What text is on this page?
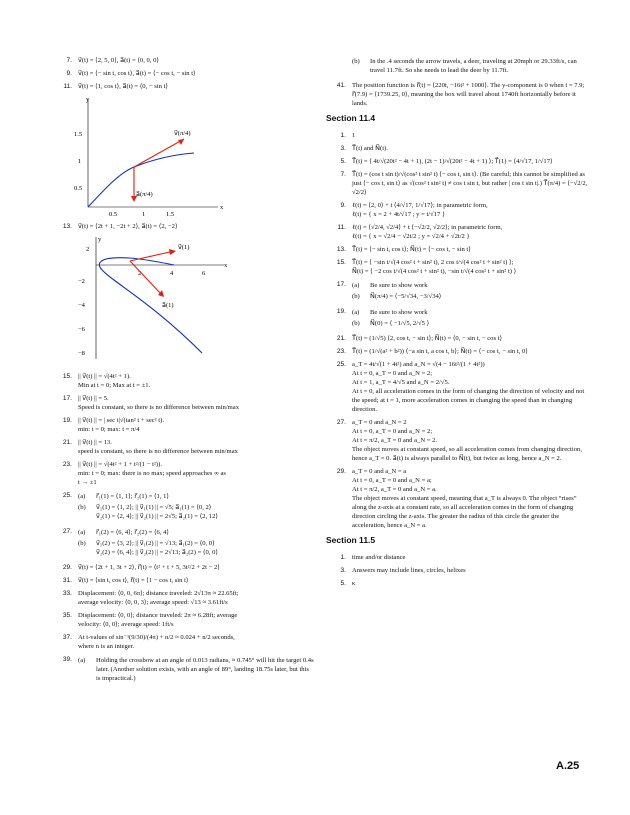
7. v⃗(t) = ⟨2, 5, 0⟩, a⃗(t) = ⟨0, 0, 0⟩
9. v⃗(t) = ⟨− sin t, cos t⟩, a⃗(t) = ⟨− cos t, − sin t⟩
11. v⃗(t) = ⟨1, cos t⟩, a⃗(t) = ⟨0, − sin t⟩
x
y
1.5
1
0.5
0.5	1	1.5
v⃗(π/4)
a⃗(π/4)
13. v⃗(t) = ⟨2t + 1, −2t + 2⟩, a⃗(t) = ⟨2, −2⟩
x
y
2
−2
−4
−6
−8
2	4	6
v⃗(1)
a⃗(1)
15. || v⃗(t) || = √(4t² + 1).
Min at t = 0; Max at t = ±1.
17. || v⃗(t) || = 5.
Speed is constant, so there is no difference between min/max
19. || v⃗(t) || = | sec t|√(tan² t + sec² t).
min: t = 0; max: t = π/4
21. || v⃗(t) || = 13.
speed is constant, so there is no difference between min/max
23. || v⃗(t) || = √(4t² + 1 + t²/(1 − t²)).
min: t = 0; max: there is no max; speed approaches ∞ as
t → ±1
25. (a)	r⃗₁(1) = ⟨1, 1⟩; r⃗₂(1) = ⟨1, 1⟩
(b)	v⃗₁(1) = ⟨1, 2⟩; || v⃗₁(1) || = √5; a⃗₁(1) = ⟨0, 2⟩
v⃗₂(1) = ⟨2, 4⟩; || v⃗₂(1) || = 2√5; a⃗₂(1) = ⟨2, 12⟩
27. (a)	r⃗₁(2) = ⟨6, 4⟩; r⃗₂(2) = ⟨6, 4⟩
(b)	v⃗₁(2) = ⟨3, 2⟩; || v⃗₁(2) || = √13; a⃗₁(2) = ⟨0, 0⟩
v⃗₂(2) = ⟨6, 4⟩; || v⃗₂(2) || = 2√13; a⃗₂(2) = ⟨0, 0⟩
29. v⃗(t) = ⟨2t + 1, 3t + 2⟩, r⃗(t) = ⟨t² + t + 5, 3t²/2 + 2t − 2⟩
31. v⃗(t) = ⟨sin t, cos t⟩, r⃗(t) = ⟨1 − cos t, sin t⟩
33. Displacement: ⟨0, 0, 6π⟩; distance traveled: 2√13π ≈ 22.65ft;
average velocity: ⟨0, 0, 3⟩; average speed: √13 ≈ 3.61ft/s
35. Displacement: ⟨0, 0⟩; distance traveled: 2π ≈ 6.28ft; average
velocity: ⟨0, 0⟩; average speed: 1ft/s
37. At t-values of sin⁻¹(9/30)/(4π) + n/2 ≈ 0.024 + n/2 seconds,
where n is an integer.
39. (a)	Holding the crossbow at an angle of 0.013 radians, ≈ 0.745° will hit the target 0.4s later. (Another solution exists, with an angle of 89°, landing 18.75s later, but this is impractical.)
(b)	In the .4 seconds the arrow travels, a deer, traveling at 20mph or 29.33ft/s, can travel 11.7ft. So she needs to lead the deer by 11.7ft.
41. The position function is r⃗(t) = ⟨220t, −16t² + 1000⟩. The y-component is 0 when t = 7.9; r⃗(7.9) = ⟨1739.25, 0⟩, meaning the box will travel about 1740ft horizontally before it lands.
Section 11.4
1. 1
3. T⃗(t) and N⃗(t).
5. T⃗(t) = ⟨ 4t/√(20t² − 4t + 1), (2t − 1)/√(20t² − 4t + 1) ⟩; T⃗(1) = ⟨4/√17, 1/√17⟩
7. T⃗(t) = (cos t sin t)/√(cos² t sin² t) ⟨− cos t, sin t⟩. (Be careful; this cannot be simplified as just ⟨− cos t, sin t⟩ as √(cos² t sin² t) ≠ cos t sin t, but rather | cos t sin t|.) T⃗(π/4) = ⟨−√2/2, √2/2⟩
9. ℓ(t) = ⟨2, 0⟩ + t ⟨4/√17, 1/√17⟩; in parametric form,
ℓ(t) = { x = 2 + 4t/√17 ; y = t/√17 }
11. ℓ(t) = ⟨√2/4, √2/4⟩ + t ⟨−√2/2, √2/2⟩; in parametric form,
ℓ(t) = { x = √2/4 − √2t/2 ; y = √2/4 + √2t/2 }
13. T⃗(t) = ⟨− sin t, cos t⟩; N⃗(t) = ⟨− cos t, − sin t⟩
15. T⃗(t) = ⟨ −sin t/√(4 cos² t + sin² t), 2 cos t/√(4 cos² t + sin² t) ⟩;
N⃗(t) = ⟨ −2 cos t/√(4 cos² t + sin² t), −sin t/√(4 cos² t + sin² t) ⟩
17. (a)	Be sure to show work
(b)	N⃗(π/4) = ⟨−5/√34, −3/√34⟩
19. (a)	Be sure to show work
(b)	N⃗(0) = ⟨ −1/√5, 2/√5 ⟩
21. T⃗(t) = (1/√5) ⟨2, cos t, − sin t⟩; N⃗(t) = ⟨0, − sin t, − cos t⟩
23. T⃗(t) = (1/√(a² + b²)) ⟨−a sin t, a cos t, b⟩; N⃗(t) = ⟨− cos t, − sin t, 0⟩
25. a_T = 4t/√(1 + 4t²) and a_N = √(4 − 16t²/(1 + 4t²))
At t = 0, a_T = 0 and a_N = 2;
At t = 1, a_T = 4/√5 and a_N = 2/√5.
At t = 0, all acceleration comes in the form of changing the direction of velocity and not the speed; at t = 1, more acceleration comes in changing the speed than in changing direction.
27. a_T = 0 and a_N = 2
At t = 0, a_T = 0 and a_N = 2;
At t = π/2, a_T = 0 and a_N = 2.
The object moves at constant speed, so all acceleration comes from changing direction, hence a_T = 0. a⃗(t) is always parallel to N⃗(t), but twice as long, hence a_N = 2.
29. a_T = 0 and a_N = a
At t = 0, a_T = 0 and a_N = a;
At t = π/2, a_T = 0 and a_N = a.
The object moves at constant speed, meaning that a_T is always 0. The object “rises” along the z-axis at a constant rate, so all acceleration comes in the form of changing direction circling the z-axis. The greater the radius of this circle the greater the acceleration, hence a_N = a.
Section 11.5
1. time and/or distance
3. Answers may include lines, circles, helixes
5. κ
A.25
